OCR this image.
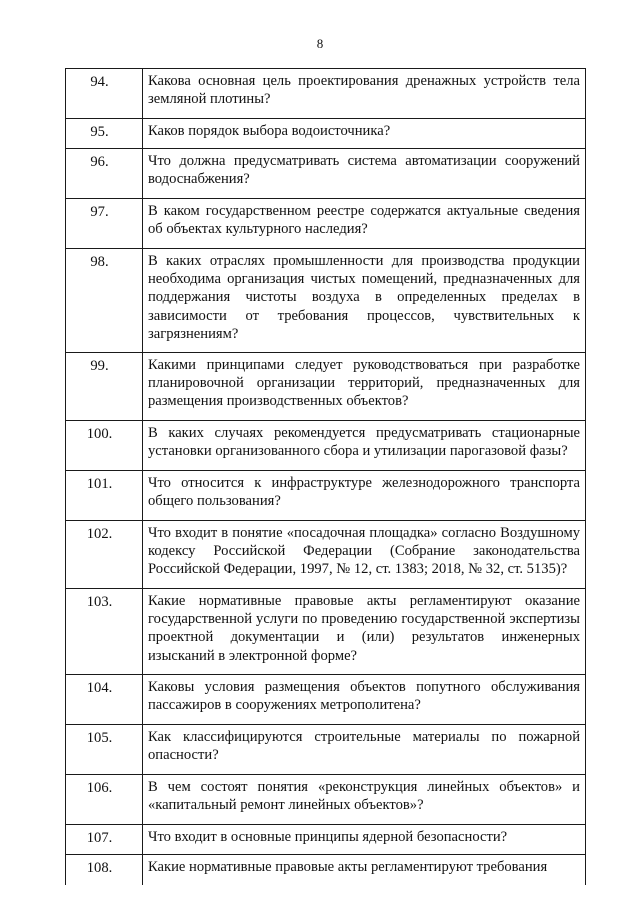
8
94.	Какова основная цель проектирования дренажных устройств тела земляной плотины?
95.	Каков порядок выбора водоисточника?
96.	Что должна предусматривать система автоматизации сооружений водоснабжения?
97.	В каком государственном реестре содержатся актуальные сведения об объектах культурного наследия?
98.	В каких отраслях промышленности для производства продукции необходима организация чистых помещений, предназначенных для поддержания чистоты воздуха в определенных пределах в зависимости от требования процессов, чувствительных к загрязнениям?
99.	Какими принципами следует руководствоваться при разработке планировочной организации территорий, предназначенных для размещения производственных объектов?
100.	В каких случаях рекомендуется предусматривать стационарные установки организованного сбора и утилизации парогазовой фазы?
101.	Что относится к инфраструктуре железнодорожного транспорта общего пользования?
102.	Что входит в понятие «посадочная площадка» согласно Воздушному кодексу Российской Федерации (Собрание законодательства Российской Федерации, 1997, № 12, ст. 1383; 2018, № 32, ст. 5135)?
103.	Какие нормативные правовые акты регламентируют оказание государственной услуги по проведению государственной экспертизы проектной документации и (или) результатов инженерных изысканий в электронной форме?
104.	Каковы условия размещения объектов попутного обслуживания пассажиров в сооружениях метрополитена?
105.	Как классифицируются строительные материалы по пожарной опасности?
106.	В чем состоят понятия «реконструкция линейных объектов» и «капитальный ремонт линейных объектов»?
107.	Что входит в основные принципы ядерной безопасности?
108.	Какие нормативные правовые акты регламентируют требования
